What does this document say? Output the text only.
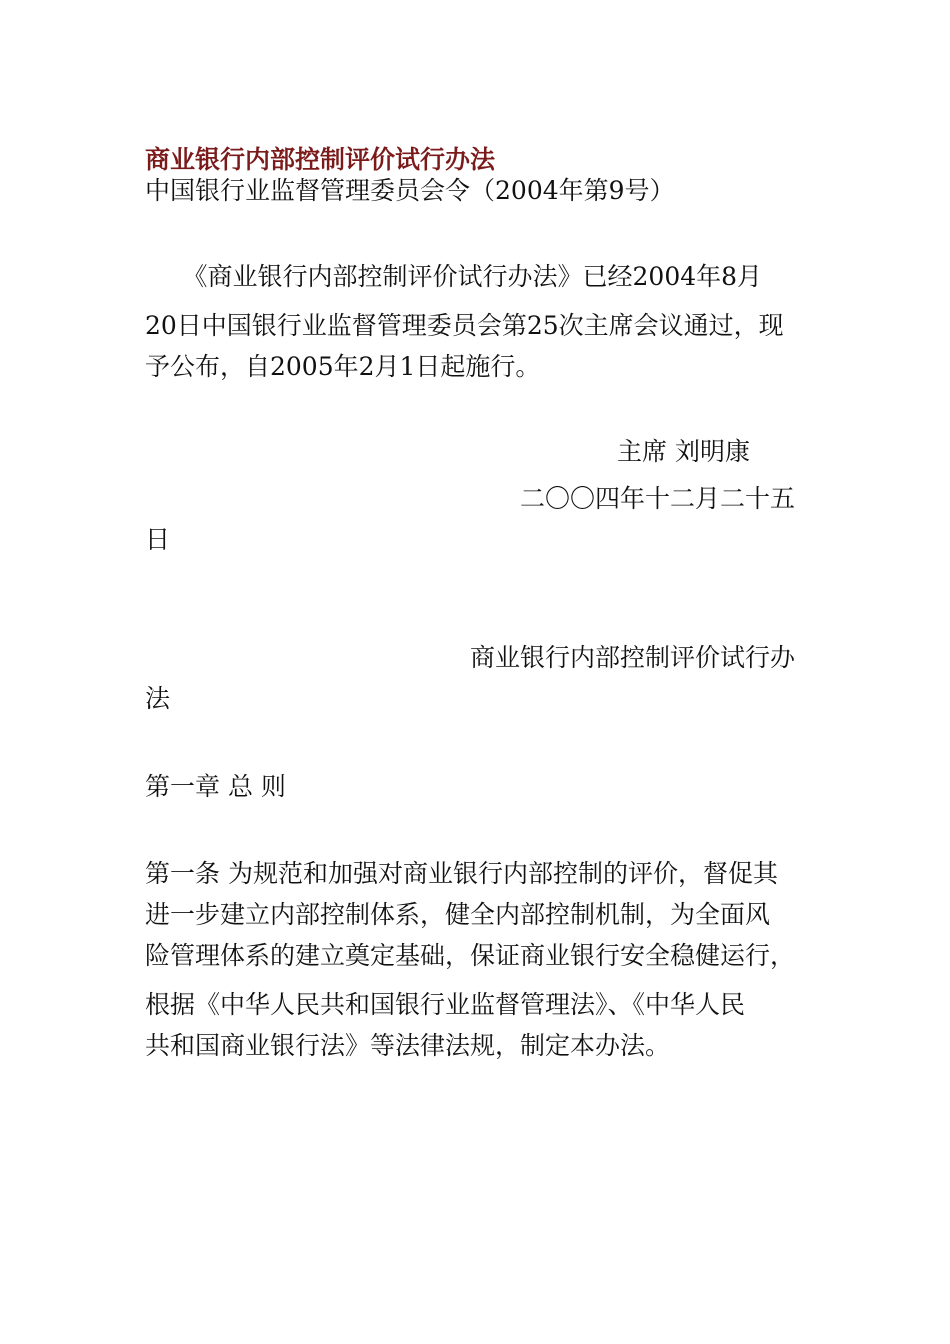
商业银行内部控制评价试行办法
中国银行业监督管理委员会令（2004年第9号）
　　《商业银行内部控制评价试行办法》已经2004年8月
20日中国银行业监督管理委员会第25次主席会议通过，现
予公布，自2005年2月1日起施行。
主席 刘明康
二〇〇四年十二月二十五
日
商业银行内部控制评价试行办
法
第一章 总 则
第一条 为规范和加强对商业银行内部控制的评价，督促其
进一步建立内部控制体系，健全内部控制机制，为全面风
险管理体系的建立奠定基础，保证商业银行安全稳健运行，
根据《中华人民共和国银行业监督管理法》、《中华人民
共和国商业银行法》等法律法规，制定本办法。
